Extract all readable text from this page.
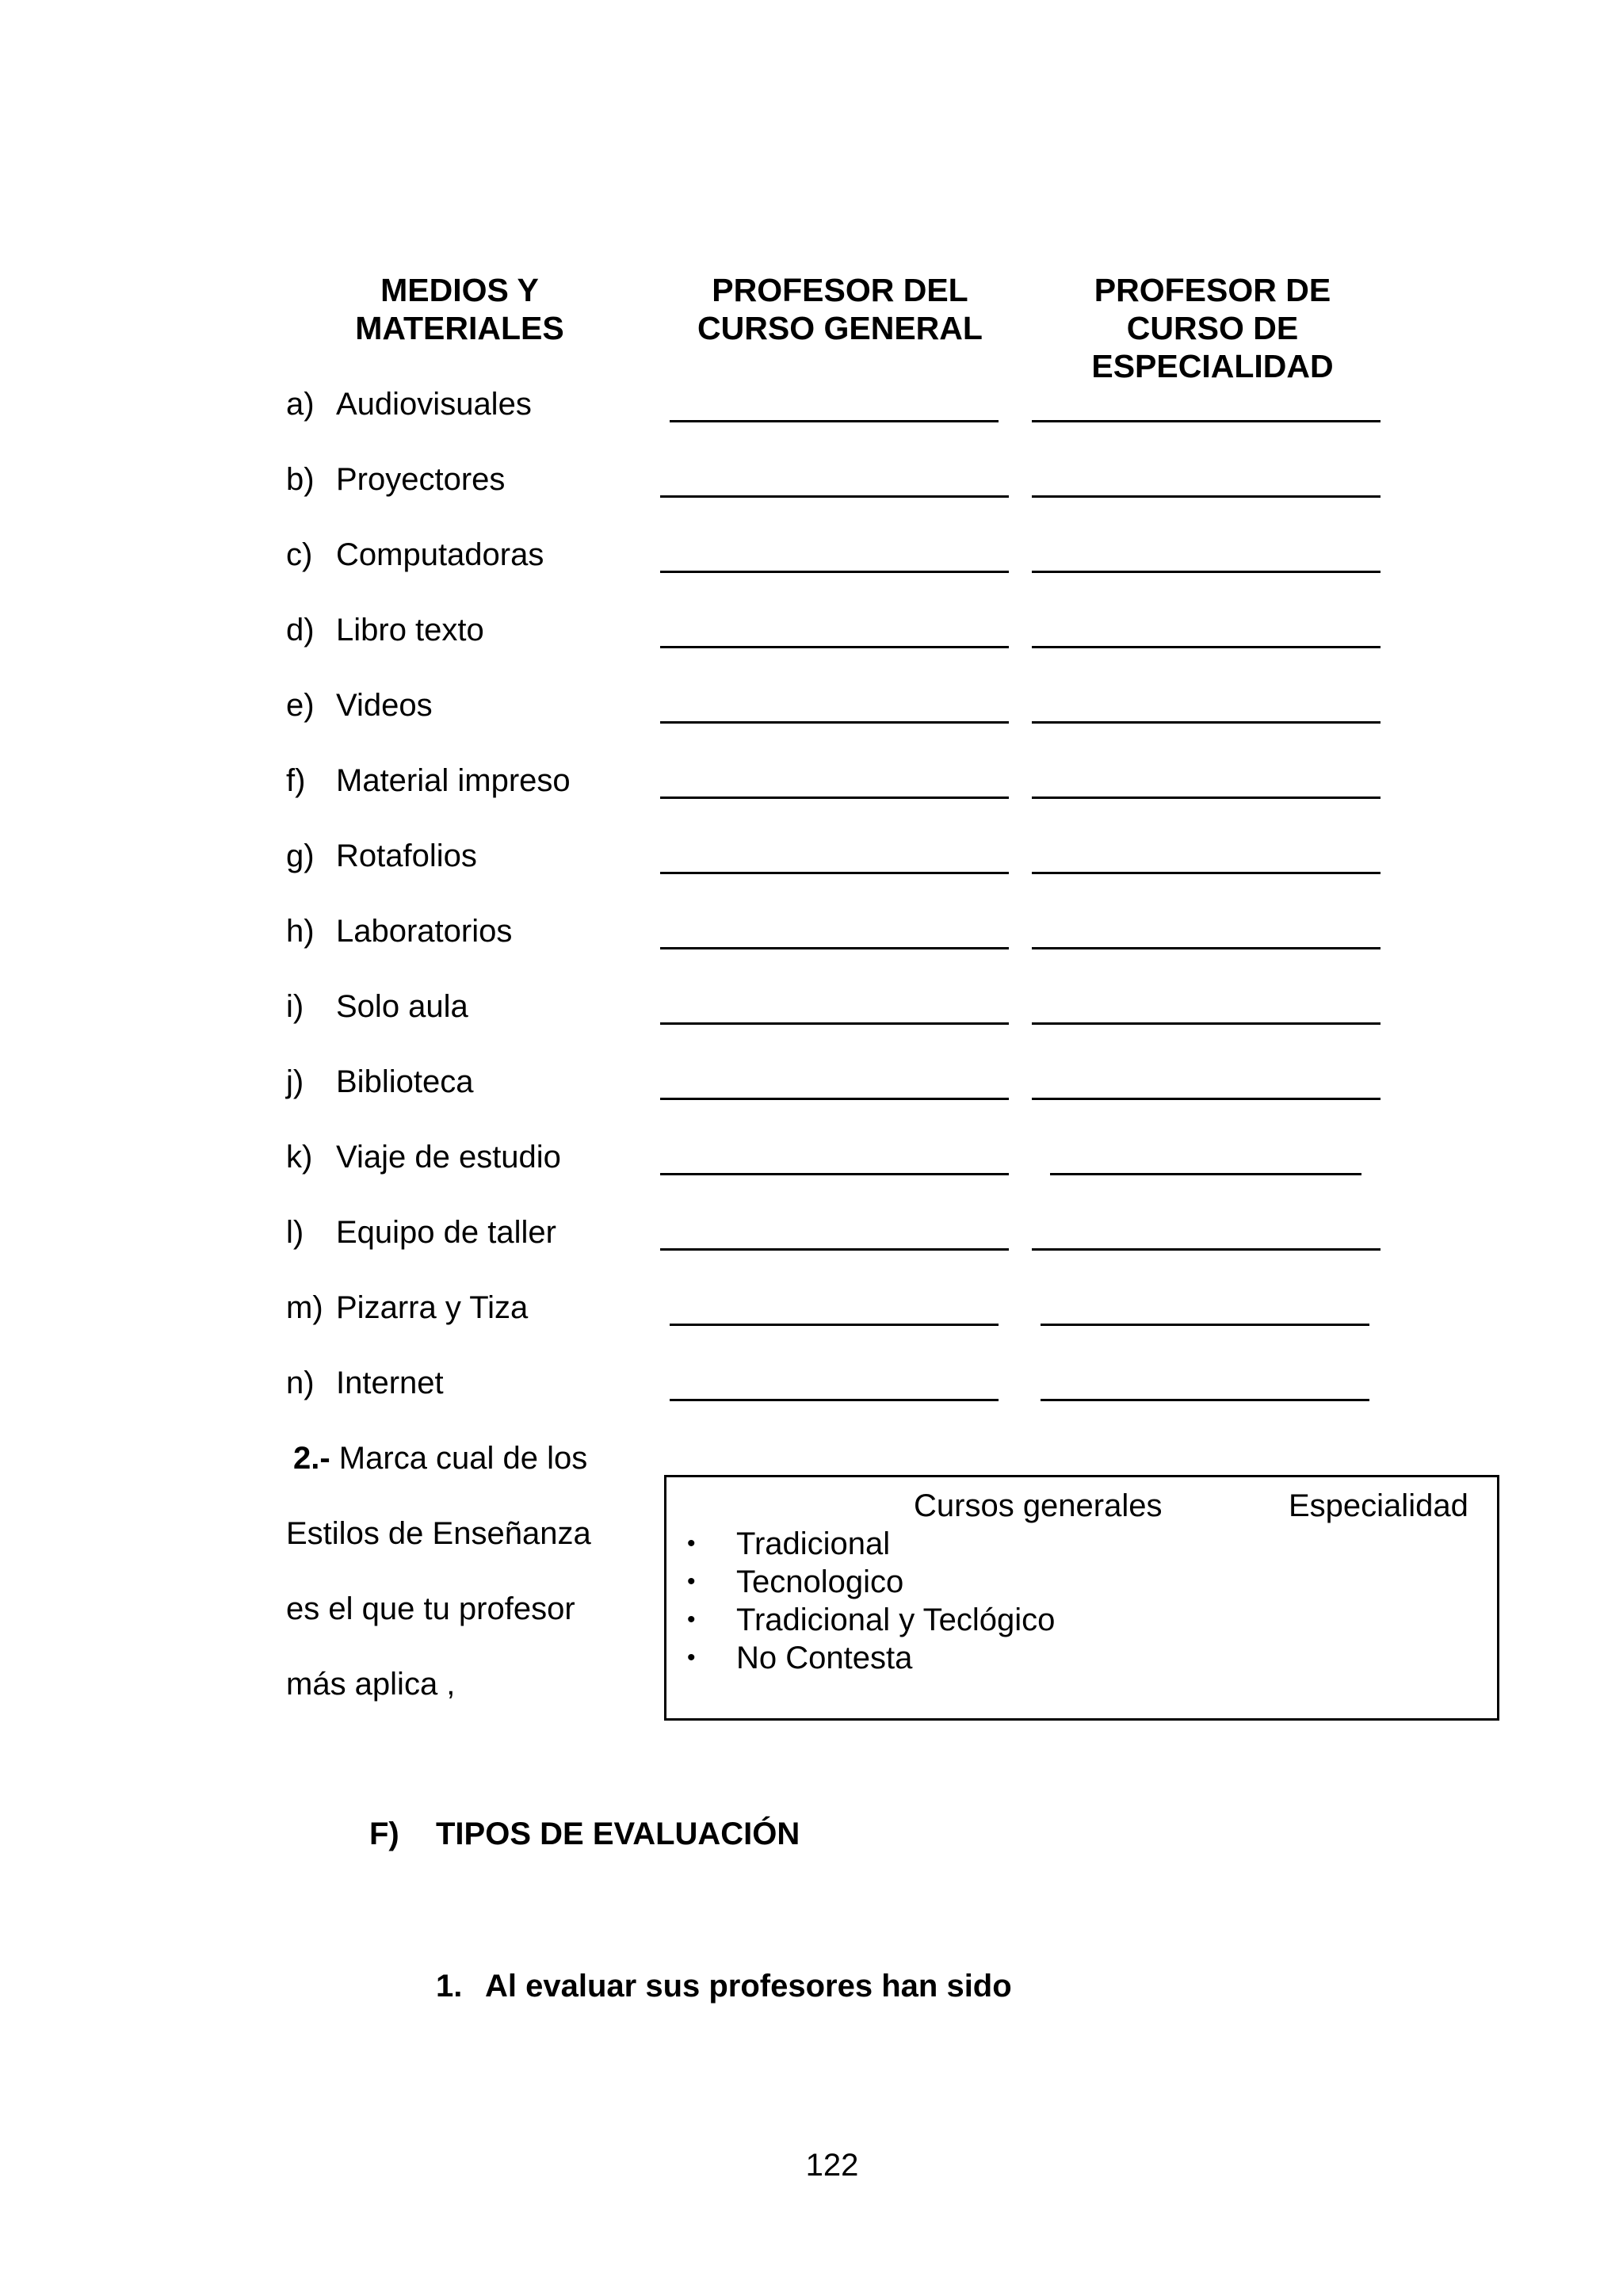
MEDIOS Y
MATERIALES
PROFESOR DEL
CURSO GENERAL
PROFESOR DE
CURSO DE
ESPECIALIDAD
a) Audiovisuales
b) Proyectores
c) Computadoras
d) Libro texto
e) Videos
f) Material impreso
g) Rotafolios
h) Laboratorios
i) Solo aula
j) Biblioteca
k) Viaje de estudio
l) Equipo de taller
m) Pizarra y Tiza
n) Internet
2.- Marca cual de los
Estilos de Enseñanza
es el que tu profesor
más aplica ,
Cursos generales	Especialidad
• Tradicional
• Tecnologico
• Tradicional y Teclógico
• No Contesta
F) TIPOS DE EVALUACIÓN
1. Al evaluar sus profesores han sido
122
